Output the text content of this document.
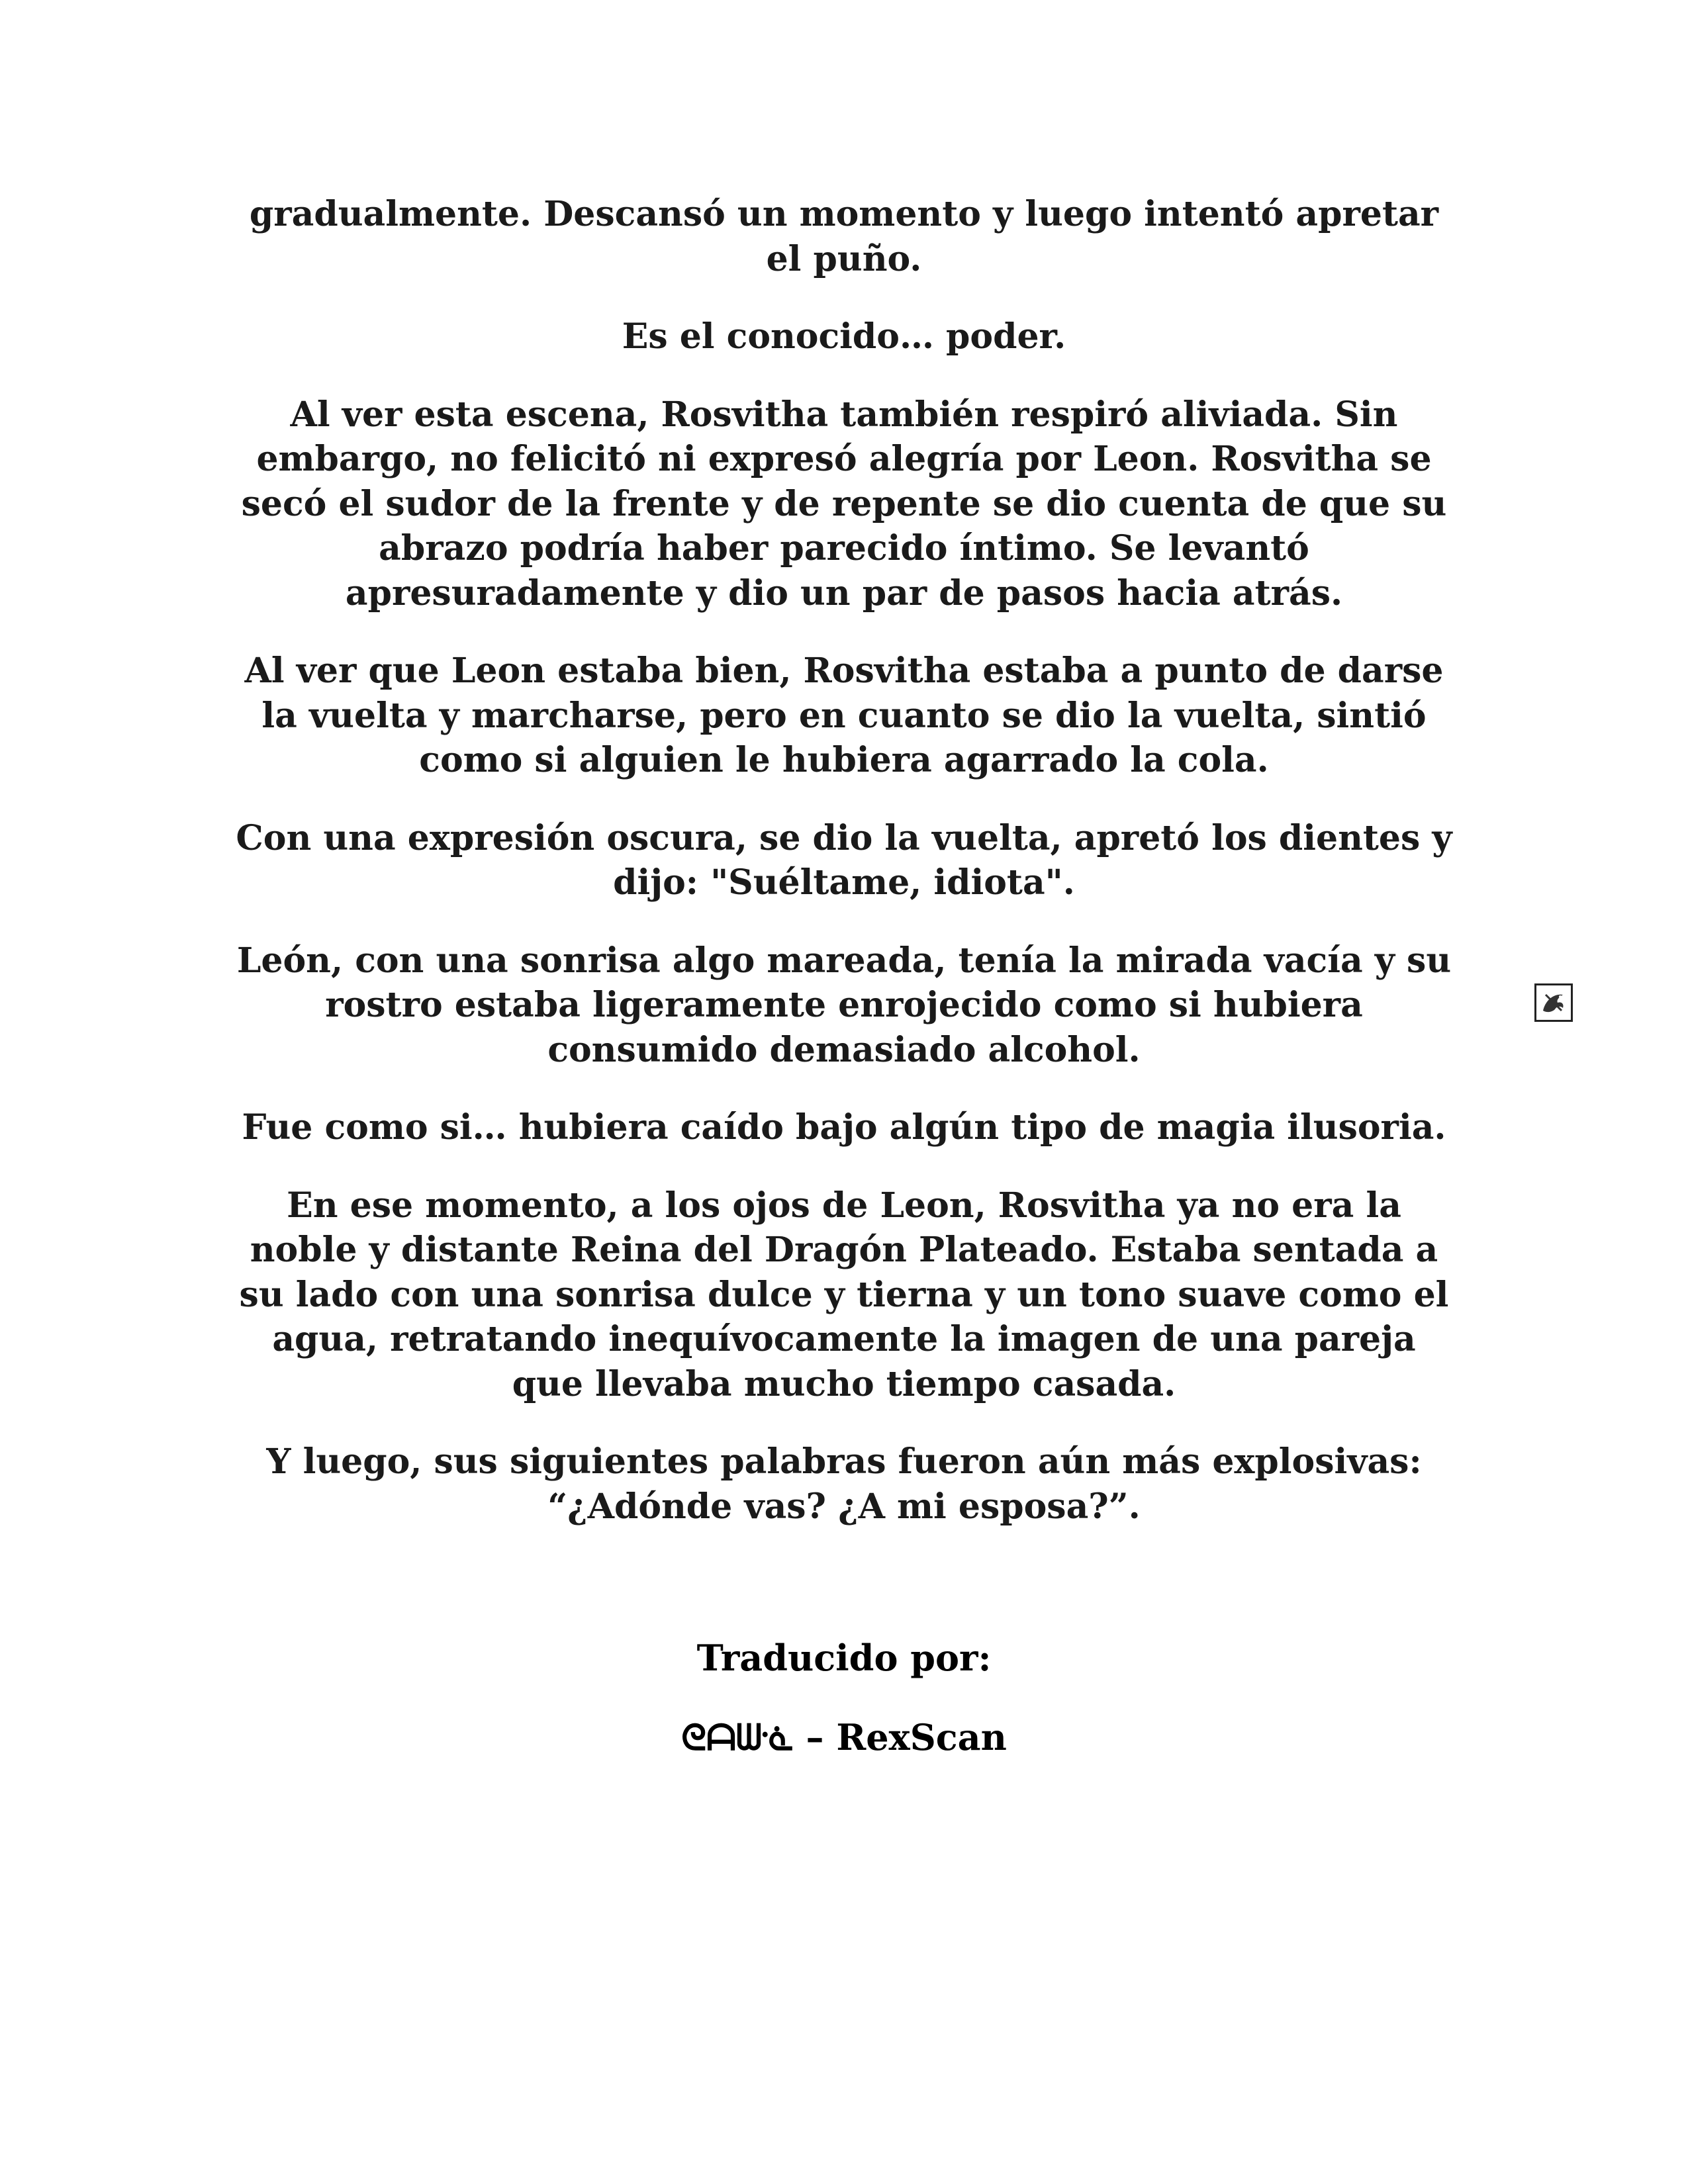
gradualmente. Descansó un momento y luego intentó apretar
el puño.

Es el conocido… poder.

Al ver esta escena, Rosvitha también respiró aliviada. Sin
embargo, no felicitó ni expresó alegría por Leon. Rosvitha se
secó el sudor de la frente y de repente se dio cuenta de que su
abrazo podría haber parecido íntimo. Se levantó
apresuradamente y dio un par de pasos hacia atrás.

Al ver que Leon estaba bien, Rosvitha estaba a punto de darse
la vuelta y marcharse, pero en cuanto se dio la vuelta, sintió
como si alguien le hubiera agarrado la cola.

Con una expresión oscura, se dio la vuelta, apretó los dientes y
dijo: "Suéltame, idiota".

León, con una sonrisa algo mareada, tenía la mirada vacía y su
rostro estaba ligeramente enrojecido como si hubiera
consumido demasiado alcohol.

Fue como si… hubiera caído bajo algún tipo de magia ilusoria.

En ese momento, a los ojos de Leon, Rosvitha ya no era la
noble y distante Reina del Dragón Plateado. Estaba sentada a
su lado con una sonrisa dulce y tierna y un tono suave como el
agua, retratando inequívocamente la imagen de una pareja
que llevaba mucho tiempo casada.

Y luego, sus siguientes palabras fueron aún más explosivas:
“¿Adónde vas? ¿A mi esposa?”.

Traducido por:

ᘓᗩᗯᓍ – RexScan
